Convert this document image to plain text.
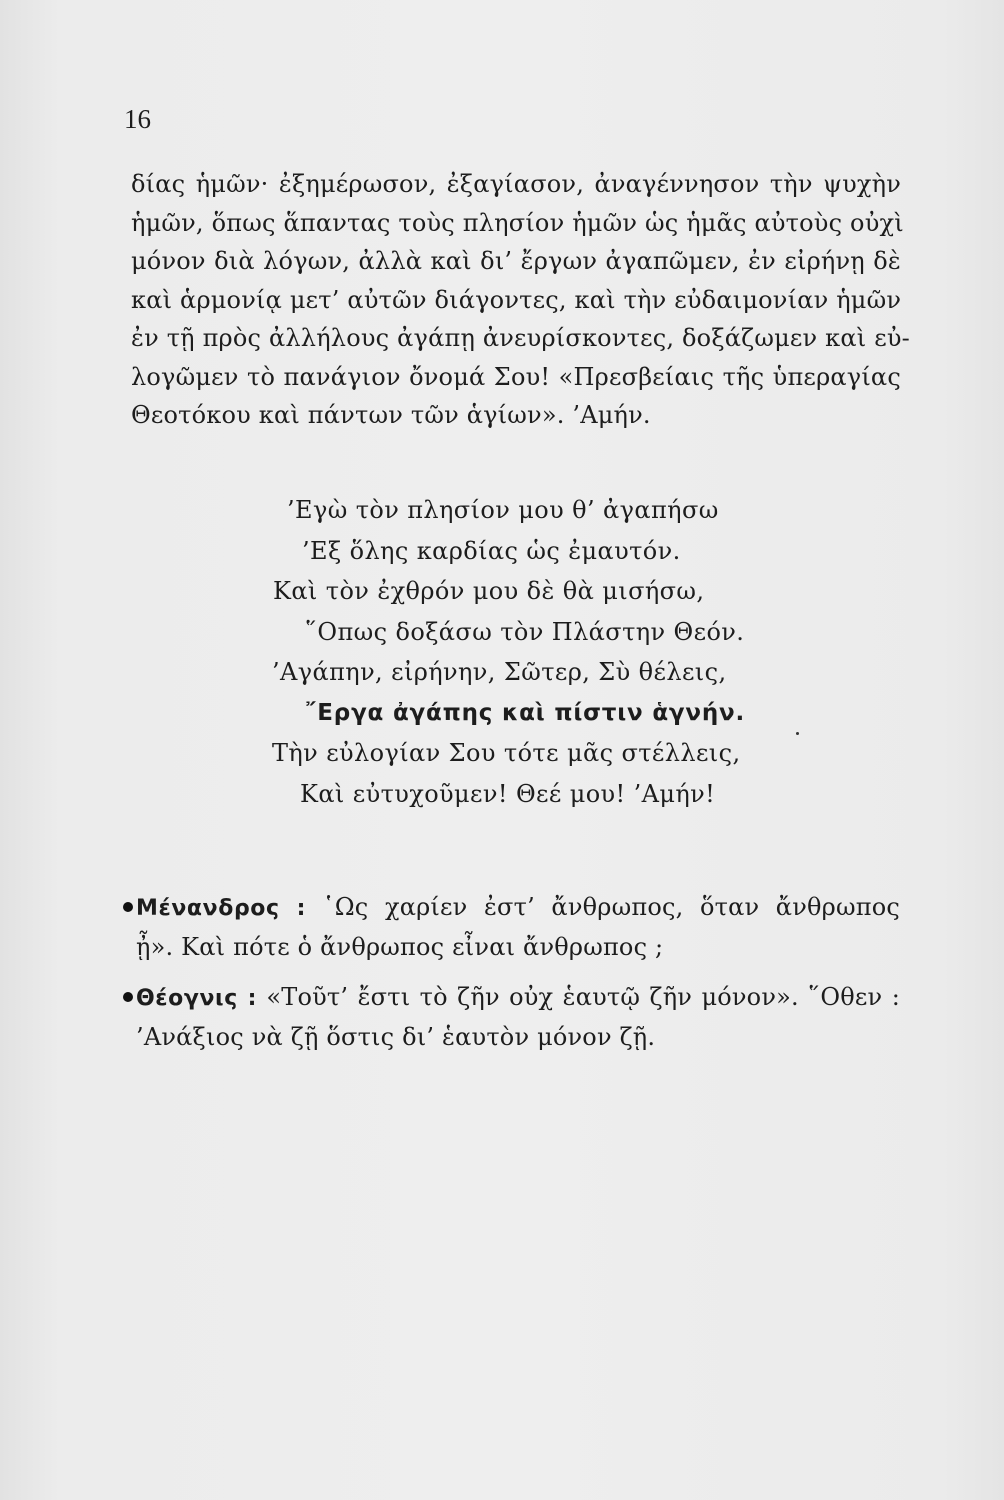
16
δίας ἡμῶν· ἐξημέρωσον, ἐξαγίασον, ἀναγέννησον τὴν ψυχὴν
ἡμῶν, ὅπως ἅπαντας τοὺς πλησίον ἡμῶν ὡς ἡμᾶς αὐτοὺς οὐχὶ
μόνον διὰ λόγων, ἀλλὰ καὶ δι’ ἔργων ἀγαπῶμεν, ἐν εἰρήνῃ δὲ
καὶ ἁρμονίᾳ μετ’ αὐτῶν διάγοντες, καὶ τὴν εὐδαιμονίαν ἡμῶν
ἐν τῇ πρὸς ἀλλήλους ἀγάπῃ ἀνευρίσκοντες, δοξάζωμεν καὶ εὐ-
λογῶμεν τὸ πανάγιον ὄνομά Σου! «Πρεσβείαις τῆς ὑπεραγίας
Θεοτόκου καὶ πάντων τῶν ἁγίων». ’Αμήν.
’Εγὼ τὸν πλησίον μου θ’ ἀγαπήσω
’Εξ ὅλης καρδίας ὡς ἐμαυτόν.
Καὶ τὸν ἐχθρόν μου δὲ θὰ μισήσω,
῞Οπως δοξάσω τὸν Πλάστην Θεόν.
’Αγάπην, εἰρήνην, Σῶτερ, Σὺ θέλεις,
῎Εργα ἀγάπης καὶ πίστιν ἁγνήν.
Τὴν εὐλογίαν Σου τότε μᾶς στέλλεις,
Καὶ εὐτυχοῦμεν! Θεέ μου! ’Αμήν!
Μένανδρος : ῾Ως χαρίεν ἐστ’ ἄνθρωπος, ὅταν ἄνθρωπος
ᾖ». Καὶ πότε ὁ ἄνθρωπος εἶναι ἄνθρωπος ;
Θέογνις : «Τοῦτ’ ἔστι τὸ ζῆν οὐχ ἑαυτῷ ζῆν μόνον». ῞Οθεν :
’Ανάξιος νὰ ζῇ ὅστις δι’ ἑαυτὸν μόνον ζῇ.
